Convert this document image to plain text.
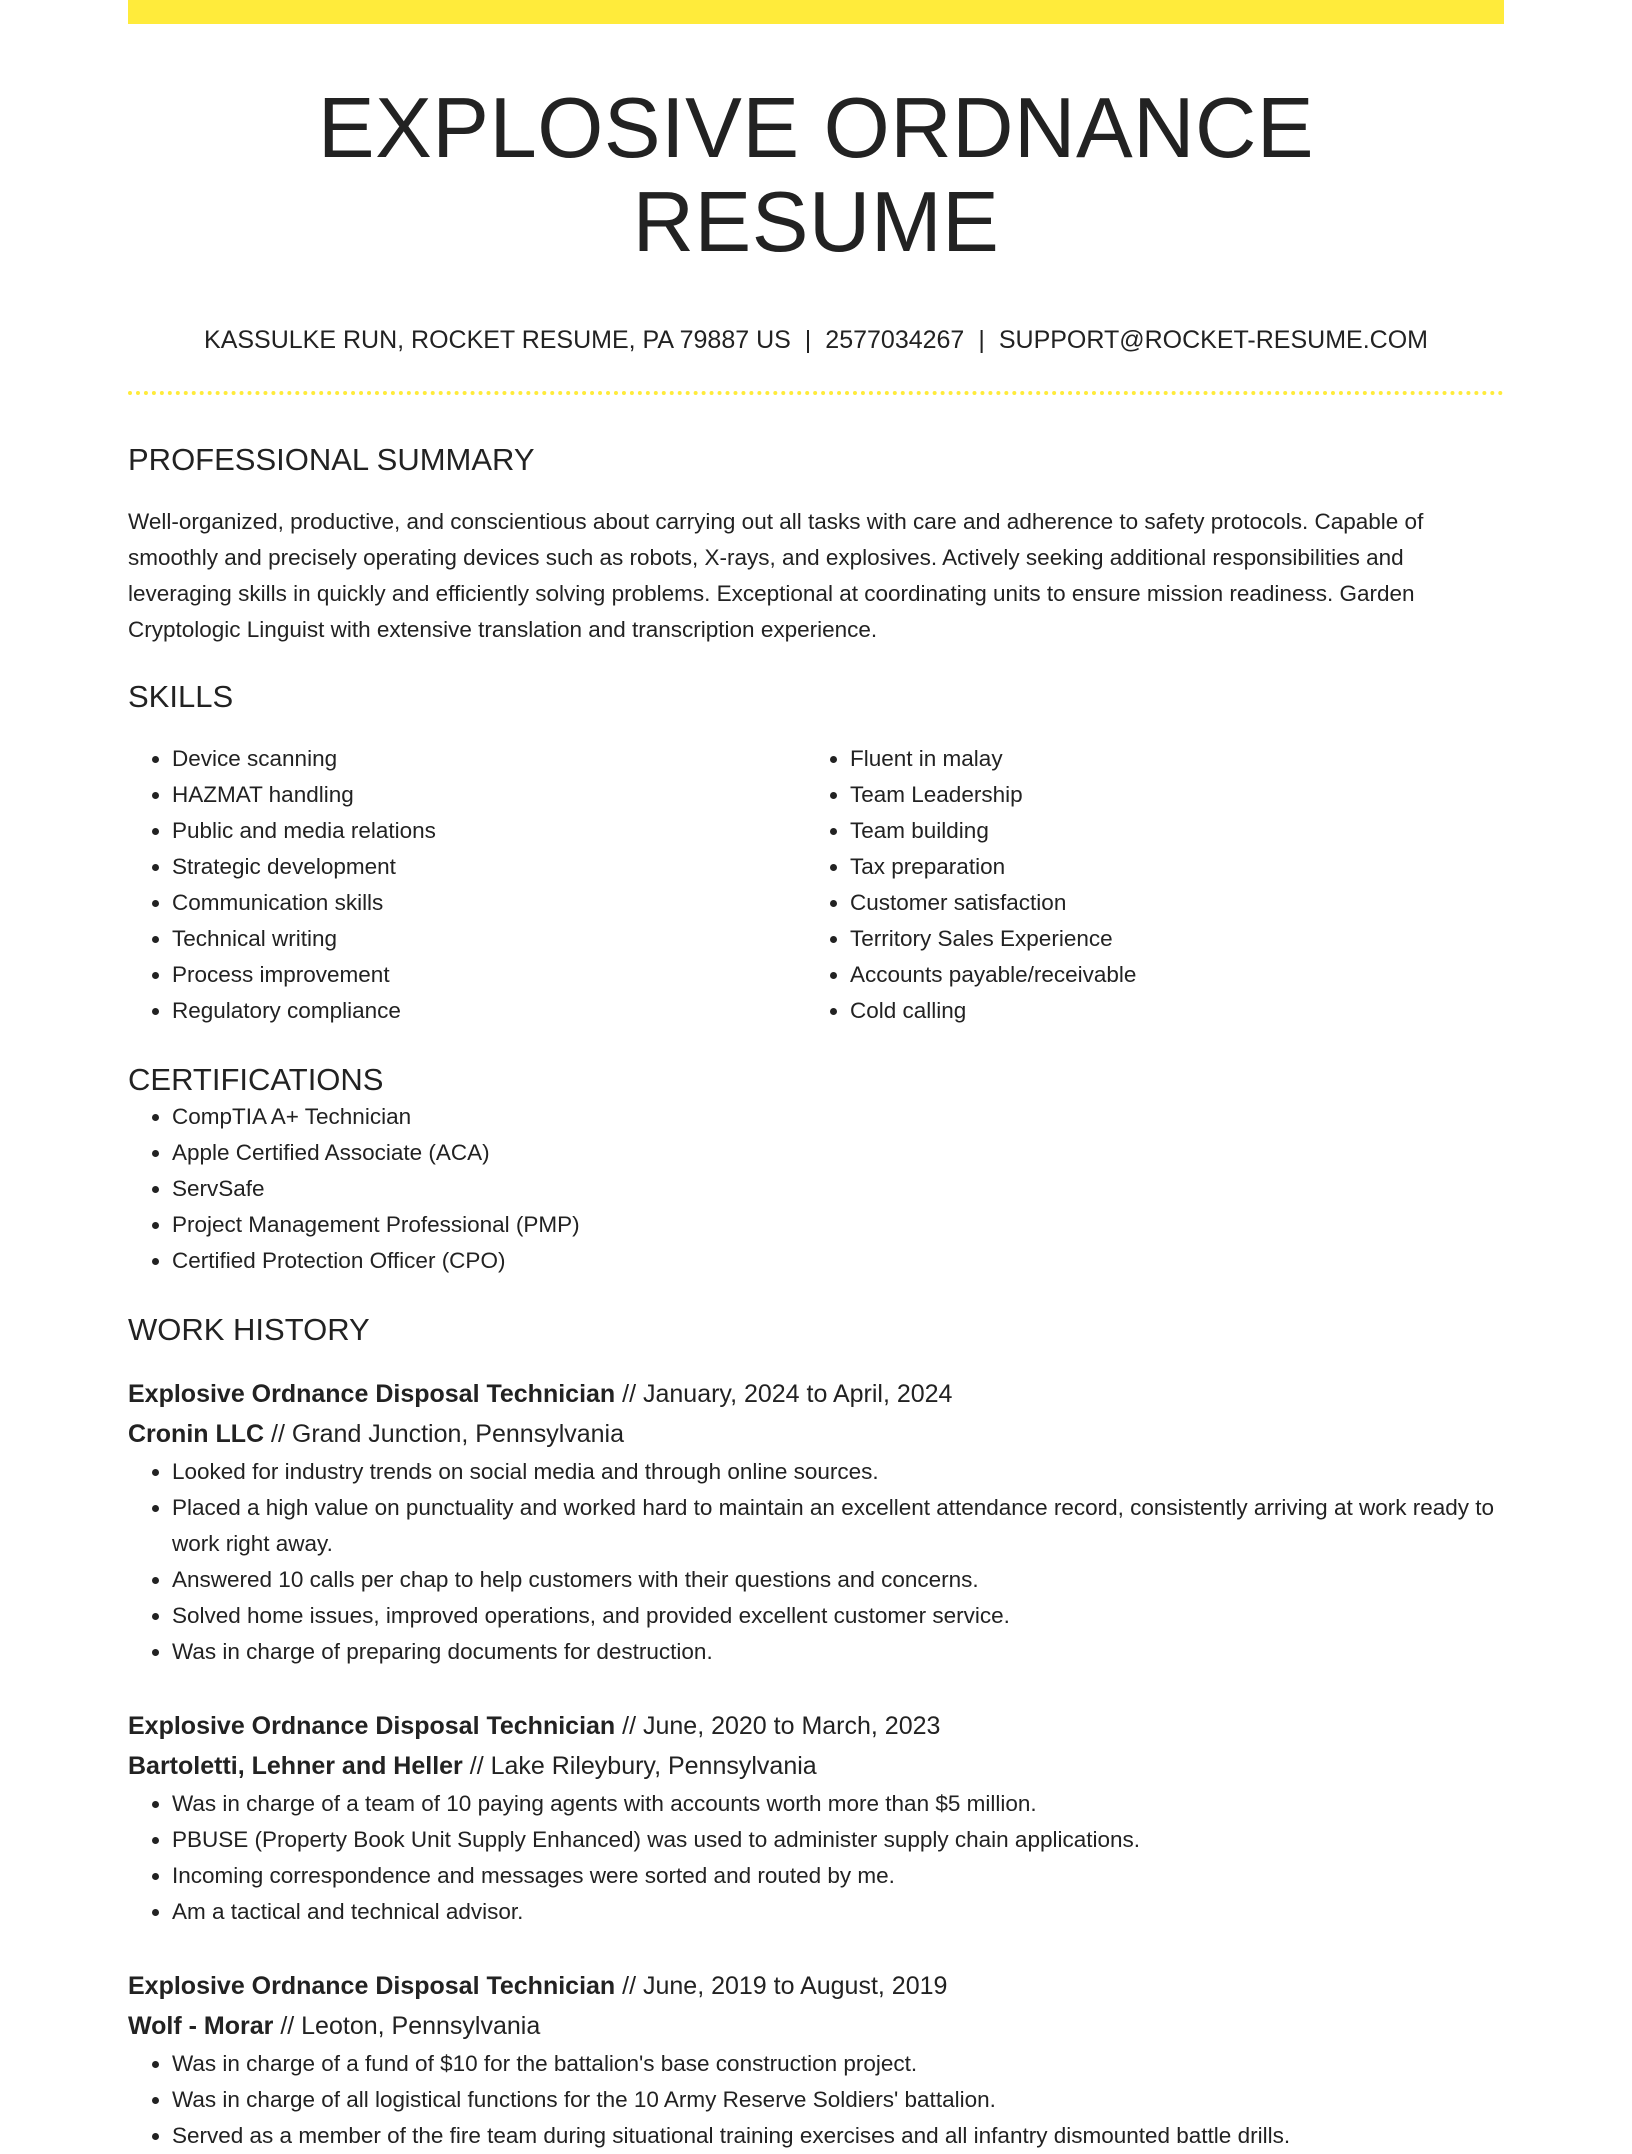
EXPLOSIVE ORDNANCE RESUME
KASSULKE RUN, ROCKET RESUME, PA 79887 US | 2577034267 | SUPPORT@ROCKET-RESUME.COM
PROFESSIONAL SUMMARY
Well-organized, productive, and conscientious about carrying out all tasks with care and adherence to safety protocols. Capable of smoothly and precisely operating devices such as robots, X-rays, and explosives. Actively seeking additional responsibilities and leveraging skills in quickly and efficiently solving problems. Exceptional at coordinating units to ensure mission readiness. Garden Cryptologic Linguist with extensive translation and transcription experience.
SKILLS
• Device scanning
• HAZMAT handling
• Public and media relations
• Strategic development
• Communication skills
• Technical writing
• Process improvement
• Regulatory compliance
• Fluent in malay
• Team Leadership
• Team building
• Tax preparation
• Customer satisfaction
• Territory Sales Experience
• Accounts payable/receivable
• Cold calling
CERTIFICATIONS
• CompTIA A+ Technician
• Apple Certified Associate (ACA)
• ServSafe
• Project Management Professional (PMP)
• Certified Protection Officer (CPO)
WORK HISTORY
Explosive Ordnance Disposal Technician // January, 2024 to April, 2024
Cronin LLC // Grand Junction, Pennsylvania
• Looked for industry trends on social media and through online sources.
• Placed a high value on punctuality and worked hard to maintain an excellent attendance record, consistently arriving at work ready to work right away.
• Answered 10 calls per chap to help customers with their questions and concerns.
• Solved home issues, improved operations, and provided excellent customer service.
• Was in charge of preparing documents for destruction.
Explosive Ordnance Disposal Technician // June, 2020 to March, 2023
Bartoletti, Lehner and Heller // Lake Rileybury, Pennsylvania
• Was in charge of a team of 10 paying agents with accounts worth more than $5 million.
• PBUSE (Property Book Unit Supply Enhanced) was used to administer supply chain applications.
• Incoming correspondence and messages were sorted and routed by me.
• Am a tactical and technical advisor.
Explosive Ordnance Disposal Technician // June, 2019 to August, 2019
Wolf - Morar // Leoton, Pennsylvania
• Was in charge of a fund of $10 for the battalion's base construction project.
• Was in charge of all logistical functions for the 10 Army Reserve Soldiers' battalion.
• Served as a member of the fire team during situational training exercises and all infantry dismounted battle drills.
